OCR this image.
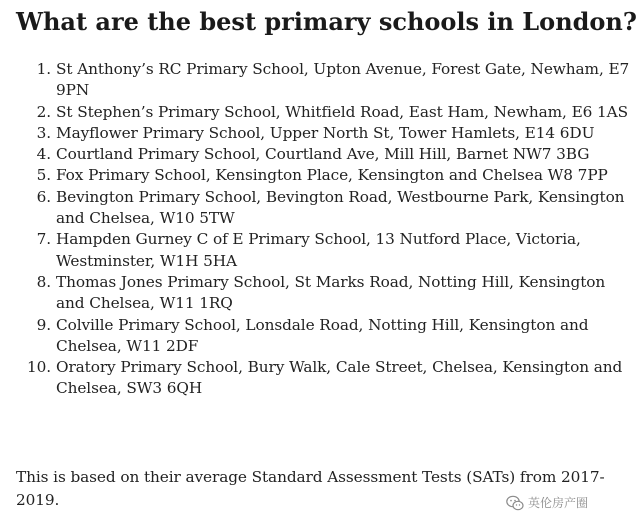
What are the best primary schools in London?
1. St Anthony’s RC Primary School, Upton Avenue, Forest Gate, Newham, E7 9PN
2. St Stephen’s Primary School, Whitfield Road, East Ham, Newham, E6 1AS
3. Mayflower Primary School, Upper North St, Tower Hamlets, E14 6DU
4. Courtland Primary School, Courtland Ave, Mill Hill, Barnet NW7 3BG
5. Fox Primary School, Kensington Place, Kensington and Chelsea W8 7PP
6. Bevington Primary School, Bevington Road, Westbourne Park, Kensington and Chelsea, W10 5TW
7. Hampden Gurney C of E Primary School, 13 Nutford Place, Victoria, Westminster, W1H 5HA
8. Thomas Jones Primary School, St Marks Road, Notting Hill, Kensington and Chelsea, W11 1RQ
9. Colville Primary School, Lonsdale Road, Notting Hill, Kensington and Chelsea, W11 2DF
10. Oratory Primary School, Bury Walk, Cale Street, Chelsea, Kensington and Chelsea, SW3 6QH

This is based on their average Standard Assessment Tests (SATs) from 2017-2019.	英伦房产圈
